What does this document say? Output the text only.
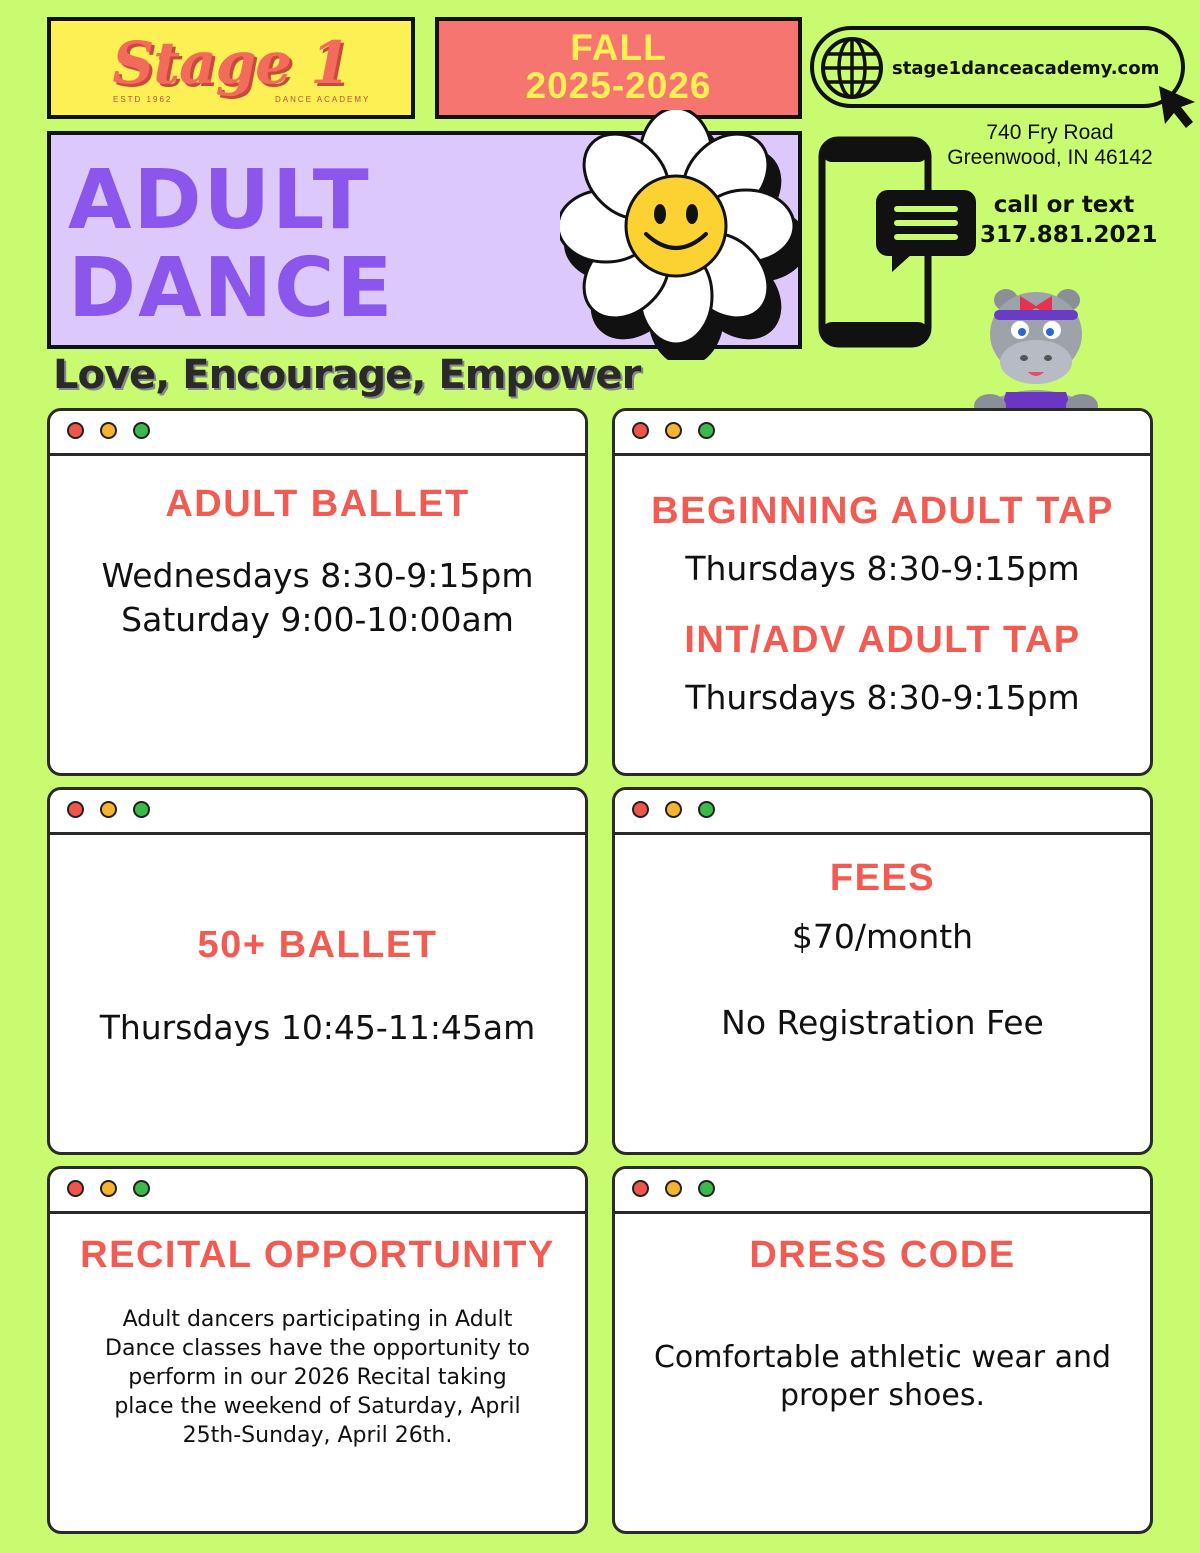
Stage 1
ESTD 1962	DANCE ACADEMY
FALL
2025-2026	stage1danceacademy.com
ADULT
DANCE
740 Fry Road
Greenwood, IN 46142
call or text
317.881.2021
Love, Encourage, Empower
ADULT BALLET
Wednesdays 8:30-9:15pm
Saturday 9:00-10:00am
BEGINNING ADULT TAP
Thursdays 8:30-9:15pm
INT/ADV ADULT TAP
Thursdays 8:30-9:15pm
50+ BALLET
Thursdays 10:45-11:45am
FEES
$70/month
No Registration Fee
RECITAL OPPORTUNITY
Adult dancers participating in Adult
Dance classes have the opportunity to
perform in our 2026 Recital taking
place the weekend of Saturday, April
25th-Sunday, April 26th.
DRESS CODE
Comfortable athletic wear and
proper shoes.
